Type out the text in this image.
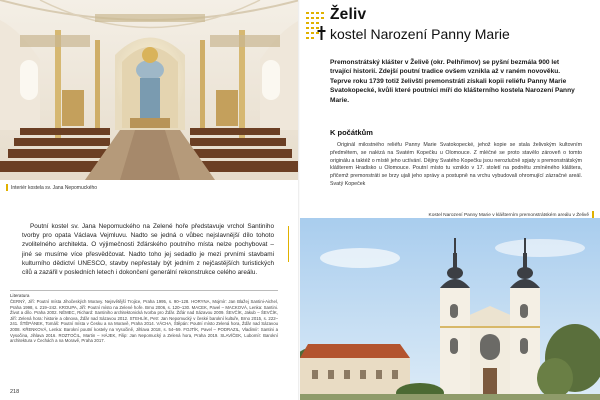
Interiér kostela sv. Jana Nepomuckého
Poutní kostel sv. Jana Nepomuckého na Zelené hoře představuje vrchol Santiniho tvorby pro opata Václava Vejmluvu. Nadto se jedná o vůbec nejslavnější dílo tohoto zvolitelného architekta. O výjimečnosti žďárského poutního místa nelze pochybovat – jiné se musíme více přesvědčovat. Nadto toho jej sedadlo je mezi prvními stavbami kulturního dědictví UNESCO, stavby nepřestaly být jedním z nejčastějších turistických cílů a zazářil v posledních letech i dokončení generální rekonstrukce celého areálu.
Literatura
ČERNÝ, Jiří: Poutní místa Jihočeských Moravy. Nejsvětější Trojice, Praha 1995, s. 90–128. HORYNA, Mojmír: Jan Blažej Santini-Aichel, Praha 1998, s. 219–242. KROUPA, Jiří: Poutní místo na Zelené hoře. Brno 2006, s. 120–130. MACEK, Pavel – MACKOVÁ, Lenka: Santini. Život a dílo. Praha 2002. NĚMEC, Richard: Santiniho architektonická tvorba pro Žďár. Žďár nad Sázavou 2009. ŠEVČÍK, Jakub – ŠEVČÍK, Jiří: Zelená hora: historie a obnova, Žďár nad Sázavou 2012. STEHLÍK, Petr: Jan Nepomucký v české barokní kultuře, Brno 2015, s. 222–241. ŠTĚPÁNEK, Tomáš: Poutní místa v Česku a na Moravě, Praha 2014. VÁCHA, Štěpán: Poutní místo Zelená hora, Žďár nad Sázavou 2008. KŘENKOVÁ, Lenka: Barokní poutní kostely na Vysočině, Jihlava 2018, s. 54–59. FOJTÍK, Pavel – PODRAZIL, Vladimír: Santini a Vysočina, Jihlava 2016. ROZTOČIL, Martin – HÁJEK, Filip: Jan Nepomucký a Zelená hora, Praha 2019. SLAVÍČEK, Lubomír: Barokní architektura v Čechách a na Moravě, Praha 2017.
218
Želiv
kostel Narození Panny Marie
Premonstrátský klášter v Želivě (okr. Pelhřimov) se pyšní bezmála 900 let trvající historií. Zdejší poutní tradice ovšem vznikla až v raném novověku. Teprve roku 1739 totiž želivští premonstráti získali kopii reliéfu Panny Marie Svatokopecké, kvůli které poutníci míří do klášterního kostela Narození Panny Marie.
K počátkům
Originál milostného reliéfu Panny Marie Svatokopecké, jehož kopie se stala želivským kultovním předmětem, se nalézá na Svatém Kopečku u Olomouce. Z mléčné se proto stavělo zároveň o tomto originálu a taktéž o místě jeho uctívání. Dějiny Svatého Kopečku jsou nerozlučně spjaty s premonstrátským klášterem Hradisko u Olomouce. Poutní místo tu vzniklo v 17. století na podnětu zmíněného kláštera, přičemž premonstráti se brzy ujali jeho správy a postupně na vrchu vybudovali ohromující zázračné areál. Svatý Kopeček
Kostel Narození Panny Marie v klášterním premonstrátském areálu v Želivě
